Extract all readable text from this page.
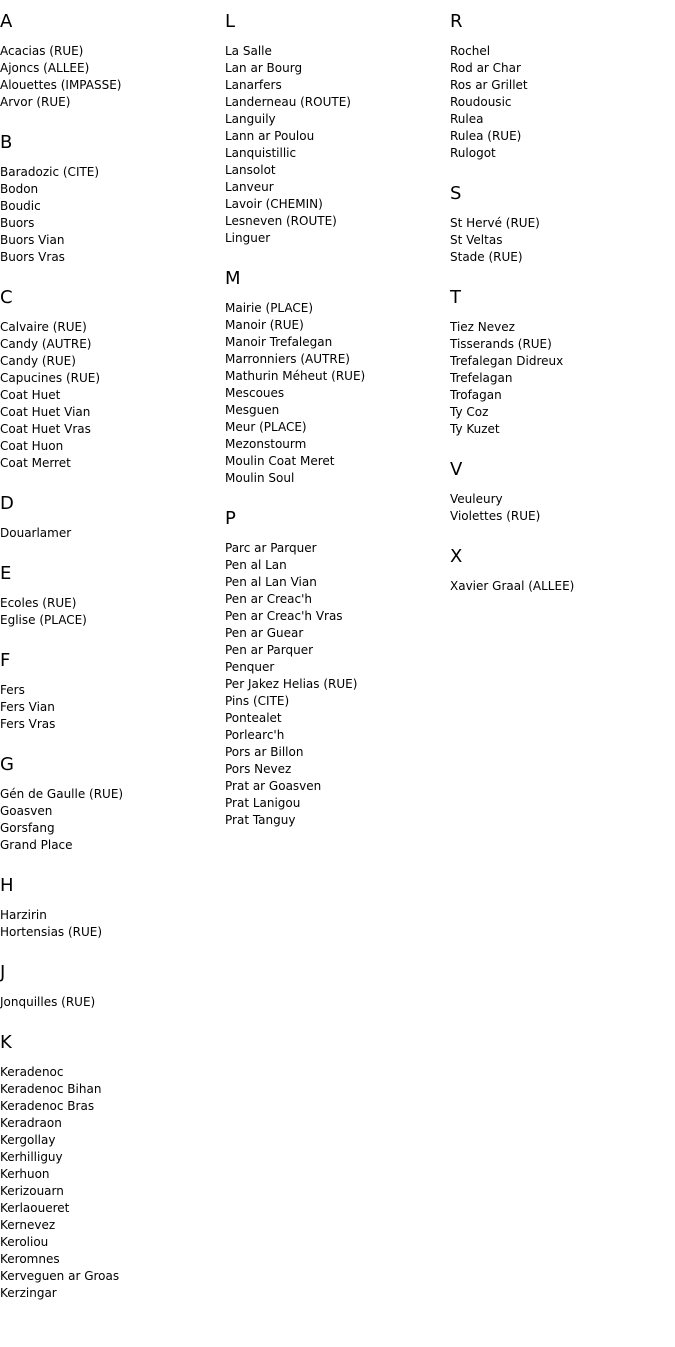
A
Acacias (RUE)
Ajoncs (ALLEE)
Alouettes (IMPASSE)
Arvor (RUE)
B
Baradozic (CITE)
Bodon
Boudic
Buors
Buors Vian
Buors Vras
C
Calvaire (RUE)
Candy (AUTRE)
Candy (RUE)
Capucines (RUE)
Coat Huet
Coat Huet Vian
Coat Huet Vras
Coat Huon
Coat Merret
D
Douarlamer
E
Ecoles (RUE)
Eglise (PLACE)
F
Fers
Fers Vian
Fers Vras
G
Gén de Gaulle (RUE)
Goasven
Gorsfang
Grand Place
H
Harzirin
Hortensias (RUE)
J
Jonquilles (RUE)
K
Keradenoc
Keradenoc Bihan
Keradenoc Bras
Keradraon
Kergollay
Kerhilliguy
Kerhuon
Kerizouarn
Kerlaoueret
Kernevez
Keroliou
Keromnes
Kerveguen ar Groas
Kerzingar
L
La Salle
Lan ar Bourg
Lanarfers
Landerneau (ROUTE)
Languily
Lann ar Poulou
Lanquistillic
Lansolot
Lanveur
Lavoir (CHEMIN)
Lesneven (ROUTE)
Linguer
M
Mairie (PLACE)
Manoir (RUE)
Manoir Trefalegan
Marronniers (AUTRE)
Mathurin Méheut (RUE)
Mescoues
Mesguen
Meur (PLACE)
Mezonstourm
Moulin Coat Meret
Moulin Soul
P
Parc ar Parquer
Pen al Lan
Pen al Lan Vian
Pen ar Creac'h
Pen ar Creac'h Vras
Pen ar Guear
Pen ar Parquer
Penquer
Per Jakez Helias (RUE)
Pins (CITE)
Pontealet
Porlearc'h
Pors ar Billon
Pors Nevez
Prat ar Goasven
Prat Lanigou
Prat Tanguy
R
Rochel
Rod ar Char
Ros ar Grillet
Roudousic
Rulea
Rulea (RUE)
Rulogot
S
St Hervé (RUE)
St Veltas
Stade (RUE)
T
Tiez Nevez
Tisserands (RUE)
Trefalegan Didreux
Trefelagan
Trofagan
Ty Coz
Ty Kuzet
V
Veuleury
Violettes (RUE)
X
Xavier Graal (ALLEE)
